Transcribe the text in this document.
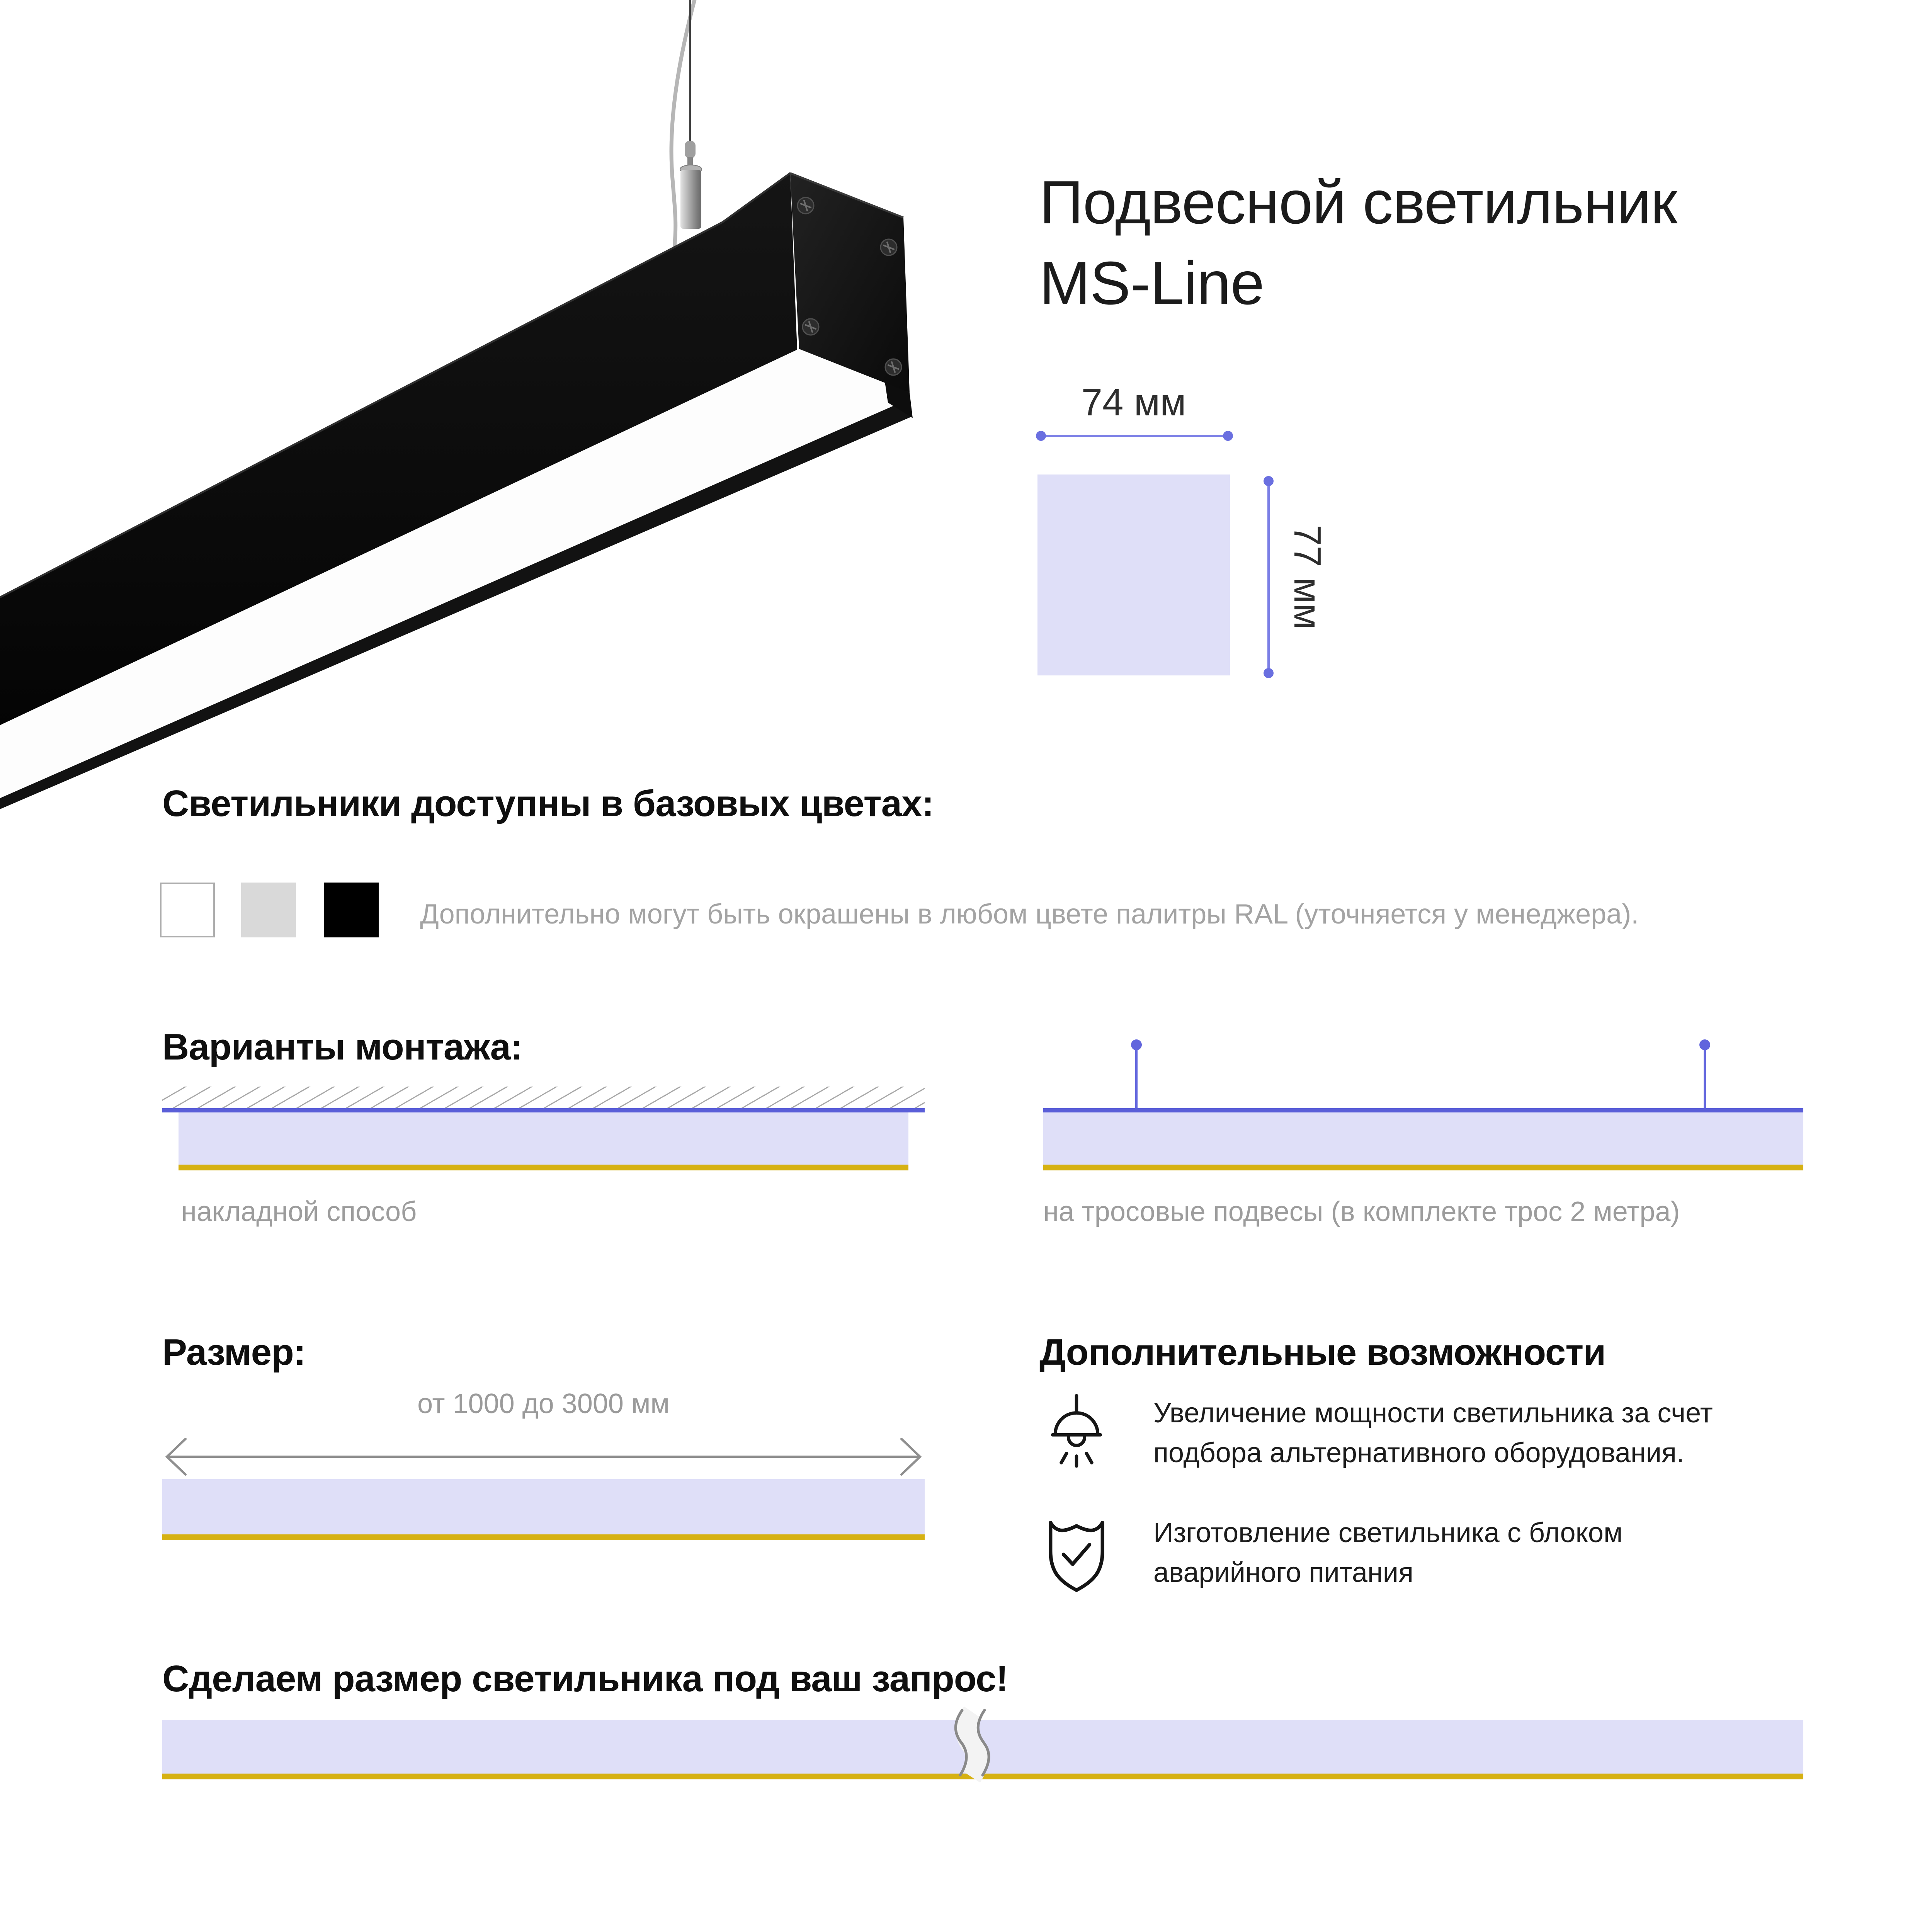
Подвесной светильник
MS-Line
74 мм
77 мм
Светильники доступны в базовых цветах:
Дополнительно могут быть окрашены в любом цвете палитры RAL (уточняется у менеджера).
Варианты монтажа:
накладной способ	на тросовые подвесы (в комплекте трос 2 метра)
Размер:
от 1000 до 3000 мм
Дополнительные возможности
Увеличение мощности светильника за счет подбора альтернативного оборудования.
Изготовление светильника с блоком аварийного питания
Сделаем размер светильника под ваш запрос!
